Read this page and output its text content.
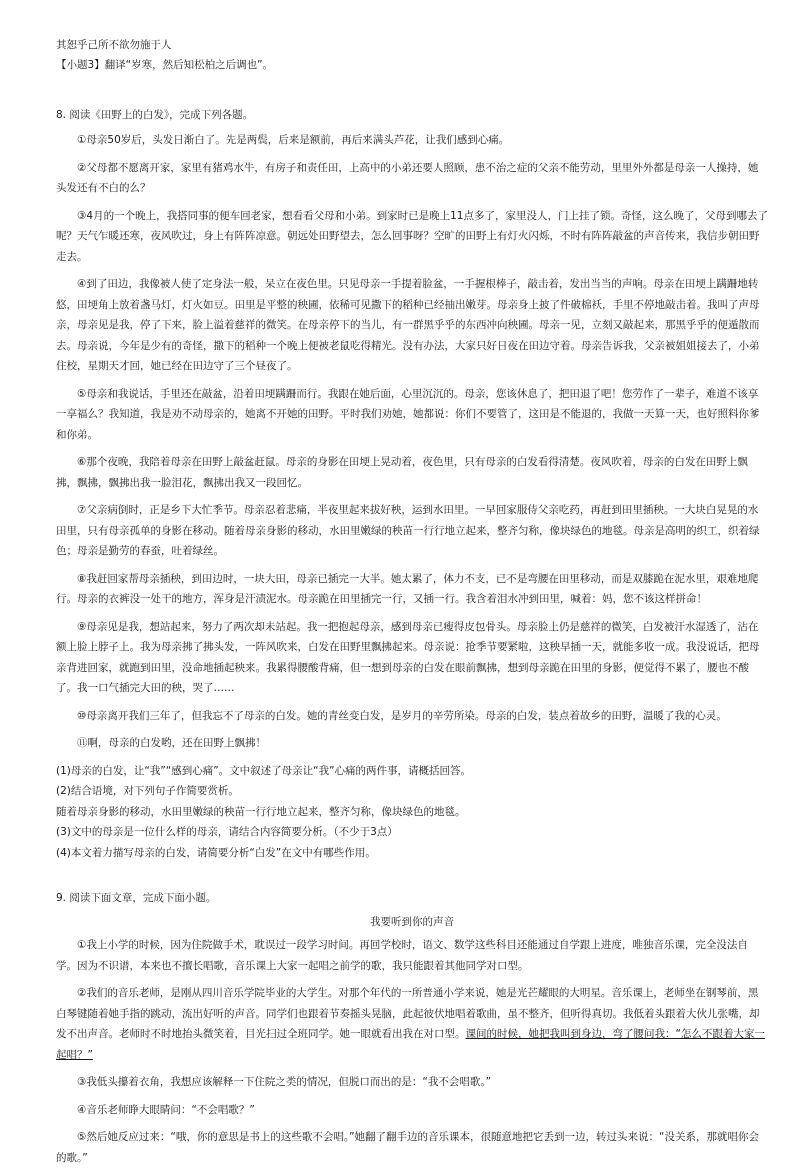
其恕乎己所不欲勿施于人

【小题3】翻译“岁寒，然后知松柏之后调也”。

8. 阅读《田野上的白发》，完成下列各题。

①母亲50岁后，头发日渐白了。先是两鬓，后来是额前，再后来满头芦花，让我们感到心痛。

②父母都不愿离开家，家里有猪鸡水牛，有房子和责任田，上高中的小弟还要人照顾，患不治之症的父亲不能劳动，里里外外都是母亲一人操持，她头发还有不白的么？

③4月的一个晚上，我搭同事的便车回老家，想看看父母和小弟。到家时已是晚上11点多了，家里没人，门上挂了锁。奇怪，这么晚了，父母到哪去了呢？天气乍暖还寒，夜风吹过，身上有阵阵凉意。朝远处田野望去，怎么回事呀？空旷的田野上有灯火闪烁，不时有阵阵敲盆的声音传来，我信步朝田野走去。

④到了田边，我像被人使了定身法一般，呆立在夜色里。只见母亲一手提着脸盆，一手握根棒子，敲击着，发出当当的声响。母亲在田埂上蹒跚地转悠，田埂角上放着盏马灯，灯火如豆。田里是平整的秧圃，依稀可见撒下的稻种已经抽出嫩芽。母亲身上披了件破棉袄，手里不停地敲击着。我叫了声母亲，母亲见是我，停了下来，脸上溢着慈祥的微笑。在母亲停下的当儿，有一群黑乎乎的东西冲向秧圃。母亲一见，立刻又敲起来，那黑乎乎的便遁散而去。母亲说，今年是少有的奇怪，撒下的稻种一个晚上便被老鼠吃得精光。没有办法，大家只好日夜在田边守着。母亲告诉我，父亲被姐姐接去了，小弟住校，星期天才回，她已经在田边守了三个昼夜了。

⑤母亲和我说话，手里还在敲盆，沿着田埂蹒跚而行。我跟在她后面，心里沉沉的。母亲，您该休息了，把田退了吧！您劳作了一辈子，难道不该享一享福么？我知道，我是劝不动母亲的，她离不开她的田野。平时我们劝她，她都说：你们不要管了，这田是不能退的，我做一天算一天，也好照料你爹和你弟。

⑥那个夜晚，我陪着母亲在田野上敲盆赶鼠。母亲的身影在田埂上晃动着，夜色里，只有母亲的白发看得清楚。夜风吹着，母亲的白发在田野上飘拂，飘拂，飘拂出我一脸泪花，飘拂出我又一段回忆。

⑦父亲病倒时，正是乡下大忙季节。母亲忍着悲痛，半夜里起来拔好秧，运到水田里。一早回家服侍父亲吃药，再赶到田里插秧。一大块白晃晃的水田里，只有母亲孤单的身影在移动。随着母亲身影的移动，水田里嫩绿的秧苗一行行地立起来，整齐匀称，像块绿色的地毯。母亲是高明的织工，织着绿色；母亲是勤劳的春蚕，吐着绿丝。

⑧我赶回家帮母亲插秧，到田边时，一块大田，母亲已插完一大半。她太累了，体力不支，已不是弯腰在田里移动，而是双膝跪在泥水里，艰难地爬行。母亲的衣裤没一处干的地方，浑身是汗渍泥水。母亲跪在田里插完一行，又插一行。我含着泪水冲到田里，喊着：妈，您不该这样拼命！

⑨母亲见是我，想站起来，努力了两次却未站起。我一把抱起母亲，感到母亲已瘦得皮包骨头。母亲脸上仍是慈祥的微笑，白发被汗水湿透了，沾在额上脸上脖子上。我为母亲拂了拂头发，一阵风吹来，白发在田野里飘拂起来。母亲说：抢季节要紧啦，这秧早插一天，就能多收一成。我没说话，把母亲背进回家，就跑到田里，没命地插起秧来。我累得腰酸背痛，但一想到母亲的白发在眼前飘拂，想到母亲跪在田里的身影，便觉得不累了，腰也不酸了。我一口气插完大田的秧，哭了……

⑩母亲离开我们三年了，但我忘不了母亲的白发。她的青丝变白发，是岁月的辛劳所染。母亲的白发，装点着故乡的田野，温暖了我的心灵。

⑪啊，母亲的白发哟，还在田野上飘拂！

(1)母亲的白发，让“我”“感到心痛”。文中叙述了母亲让“我”心痛的两件事，请概括回答。

(2)结合语境，对下列句子作简要赏析。

随着母亲身影的移动，水田里嫩绿的秧苗一行行地立起来，整齐匀称，像块绿色的地毯。

(3)文中的母亲是一位什么样的母亲，请结合内容简要分析。（不少于3点）

(4)本文着力描写母亲的白发，请简要分析“白发”在文中有哪些作用。

9. 阅读下面文章，完成下面小题。

我要听到你的声音

①我上小学的时候，因为住院做手术，耽误过一段学习时间。再回学校时，语文、数学这些科目还能通过自学跟上进度，唯独音乐课，完全没法自学。因为不识谱，本来也不擅长唱歌，音乐课上大家一起唱之前学的歌，我只能跟着其他同学对口型。

②我们的音乐老师，是刚从四川音乐学院毕业的大学生。对那个年代的一所普通小学来说，她是光芒耀眼的大明星。音乐课上，老师坐在钢琴前，黑白琴键随着她手指的跳动，流出好听的声音。同学们也跟着节奏摇头晃脑，此起彼伏地唱着歌曲，虽不整齐，但听得真切。我低着头跟着大伙儿张嘴，却发不出声音。老师时不时地抬头微笑着，目光扫过全班同学。她一眼就看出我在对口型。课间的时候，她把我叫到身边，弯了腰问我：“怎么不跟着大家一起唱？”

③我低头攥着衣角，我想应该解释一下住院之类的情况，但脱口而出的是：“我不会唱歌。”

④音乐老师睁大眼睛问：“不会唱歌？”

⑤然后她反应过来：“哦，你的意思是书上的这些歌不会唱。”她翻了翻手边的音乐课本，很随意地把它丢到一边，转过头来说：“没关系，那就唱你会的歌。”
